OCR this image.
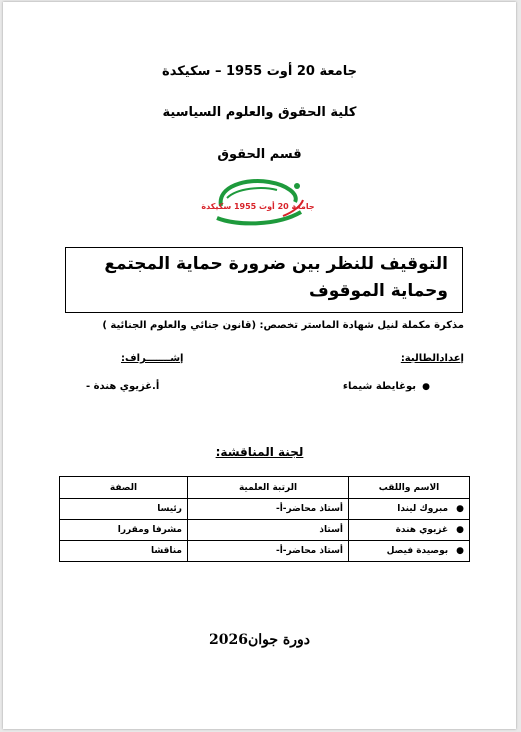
جامعة 20 أوت 1955 – سكيكدة
كلية الحقوق والعلوم السياسية
قسم الحقوق
جامعة 20 أوت 1955 سكيكدة
التوقيف للنظر بين ضرورة حماية المجتمع
وحماية الموقوف
مذكرة مكملة لنيل شهادة الماستر تخصص: (قانون جنائي والعلوم الجنائية )
إعدادالطالبة:
إشـــــــراف:
●
بوغايطة شيماء
أ.غزيوي هندة -
لجنة المناقشة:
الاسم واللقب	الرتبة العلمية	الصفة
●مبروك ليندا	أستاذ محاضر-أ-	رئيسا
●غزيوي هندة	أستاذ	مشرفا ومقررا
●بوصيدة فيصل	أستاذ محاضر-أ-	مناقشا
دورة جوان2026
